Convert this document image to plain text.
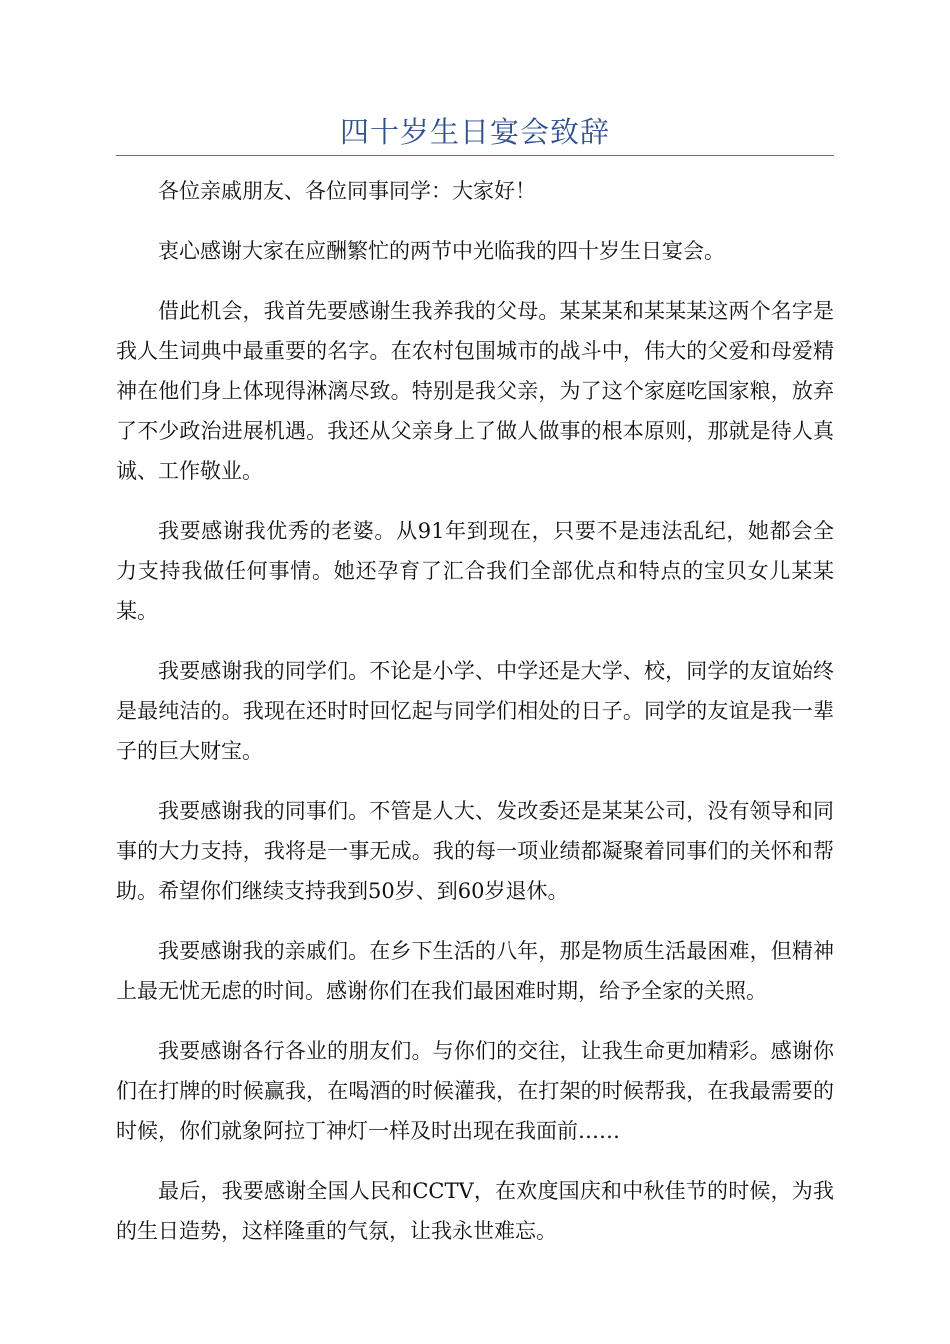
四十岁生日宴会致辞

各位亲戚朋友、各位同事同学：大家好！

衷心感谢大家在应酬繁忙的两节中光临我的四十岁生日宴会。

借此机会，我首先要感谢生我养我的父母。某某某和某某某这两个名字是我人生词典中最重要的名字。在农村包围城市的战斗中，伟大的父爱和母爱精神在他们身上体现得淋漓尽致。特别是我父亲，为了这个家庭吃国家粮，放弃了不少政治进展机遇。我还从父亲身上了做人做事的根本原则，那就是待人真诚、工作敬业。

我要感谢我优秀的老婆。从91年到现在，只要不是违法乱纪，她都会全力支持我做任何事情。她还孕育了汇合我们全部优点和特点的宝贝女儿某某某。

我要感谢我的同学们。不论是小学、中学还是大学、校，同学的友谊始终是最纯洁的。我现在还时时回忆起与同学们相处的日子。同学的友谊是我一辈子的巨大财宝。

我要感谢我的同事们。不管是人大、发改委还是某某公司，没有领导和同事的大力支持，我将是一事无成。我的每一项业绩都凝聚着同事们的关怀和帮助。希望你们继续支持我到50岁、到60岁退休。

我要感谢我的亲戚们。在乡下生活的八年，那是物质生活最困难，但精神上最无忧无虑的时间。感谢你们在我们最困难时期，给予全家的关照。

我要感谢各行各业的朋友们。与你们的交往，让我生命更加精彩。感谢你们在打牌的时候赢我，在喝酒的时候灌我，在打架的时候帮我，在我最需要的时候，你们就象阿拉丁神灯一样及时出现在我面前……

最后，我要感谢全国人民和CCTV，在欢度国庆和中秋佳节的时候，为我的生日造势，这样隆重的气氛，让我永世难忘。
